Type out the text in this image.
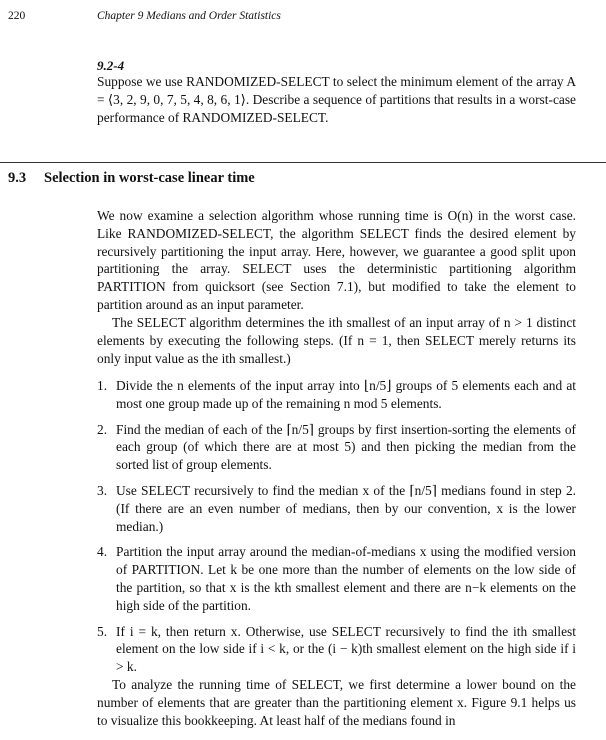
220	Chapter 9 Medians and Order Statistics
9.2-4
Suppose we use RANDOMIZED-SELECT to select the minimum element of the array A = ⟨3, 2, 9, 0, 7, 5, 4, 8, 6, 1⟩. Describe a sequence of partitions that results in a worst-case performance of RANDOMIZED-SELECT.
9.3 Selection in worst-case linear time
We now examine a selection algorithm whose running time is O(n) in the worst case. Like RANDOMIZED-SELECT, the algorithm SELECT finds the desired element by recursively partitioning the input array. Here, however, we guarantee a good split upon partitioning the array. SELECT uses the deterministic partitioning algorithm PARTITION from quicksort (see Section 7.1), but modified to take the element to partition around as an input parameter.
The SELECT algorithm determines the ith smallest of an input array of n > 1 distinct elements by executing the following steps. (If n = 1, then SELECT merely returns its only input value as the ith smallest.)
1. Divide the n elements of the input array into ⌊n/5⌋ groups of 5 elements each and at most one group made up of the remaining n mod 5 elements.
2. Find the median of each of the ⌈n/5⌉ groups by first insertion-sorting the elements of each group (of which there are at most 5) and then picking the median from the sorted list of group elements.
3. Use SELECT recursively to find the median x of the ⌈n/5⌉ medians found in step 2. (If there are an even number of medians, then by our convention, x is the lower median.)
4. Partition the input array around the median-of-medians x using the modified version of PARTITION. Let k be one more than the number of elements on the low side of the partition, so that x is the kth smallest element and there are n−k elements on the high side of the partition.
5. If i = k, then return x. Otherwise, use SELECT recursively to find the ith smallest element on the low side if i < k, or the (i − k)th smallest element on the high side if i > k.
To analyze the running time of SELECT, we first determine a lower bound on the number of elements that are greater than the partitioning element x. Figure 9.1 helps us to visualize this bookkeeping. At least half of the medians found in
